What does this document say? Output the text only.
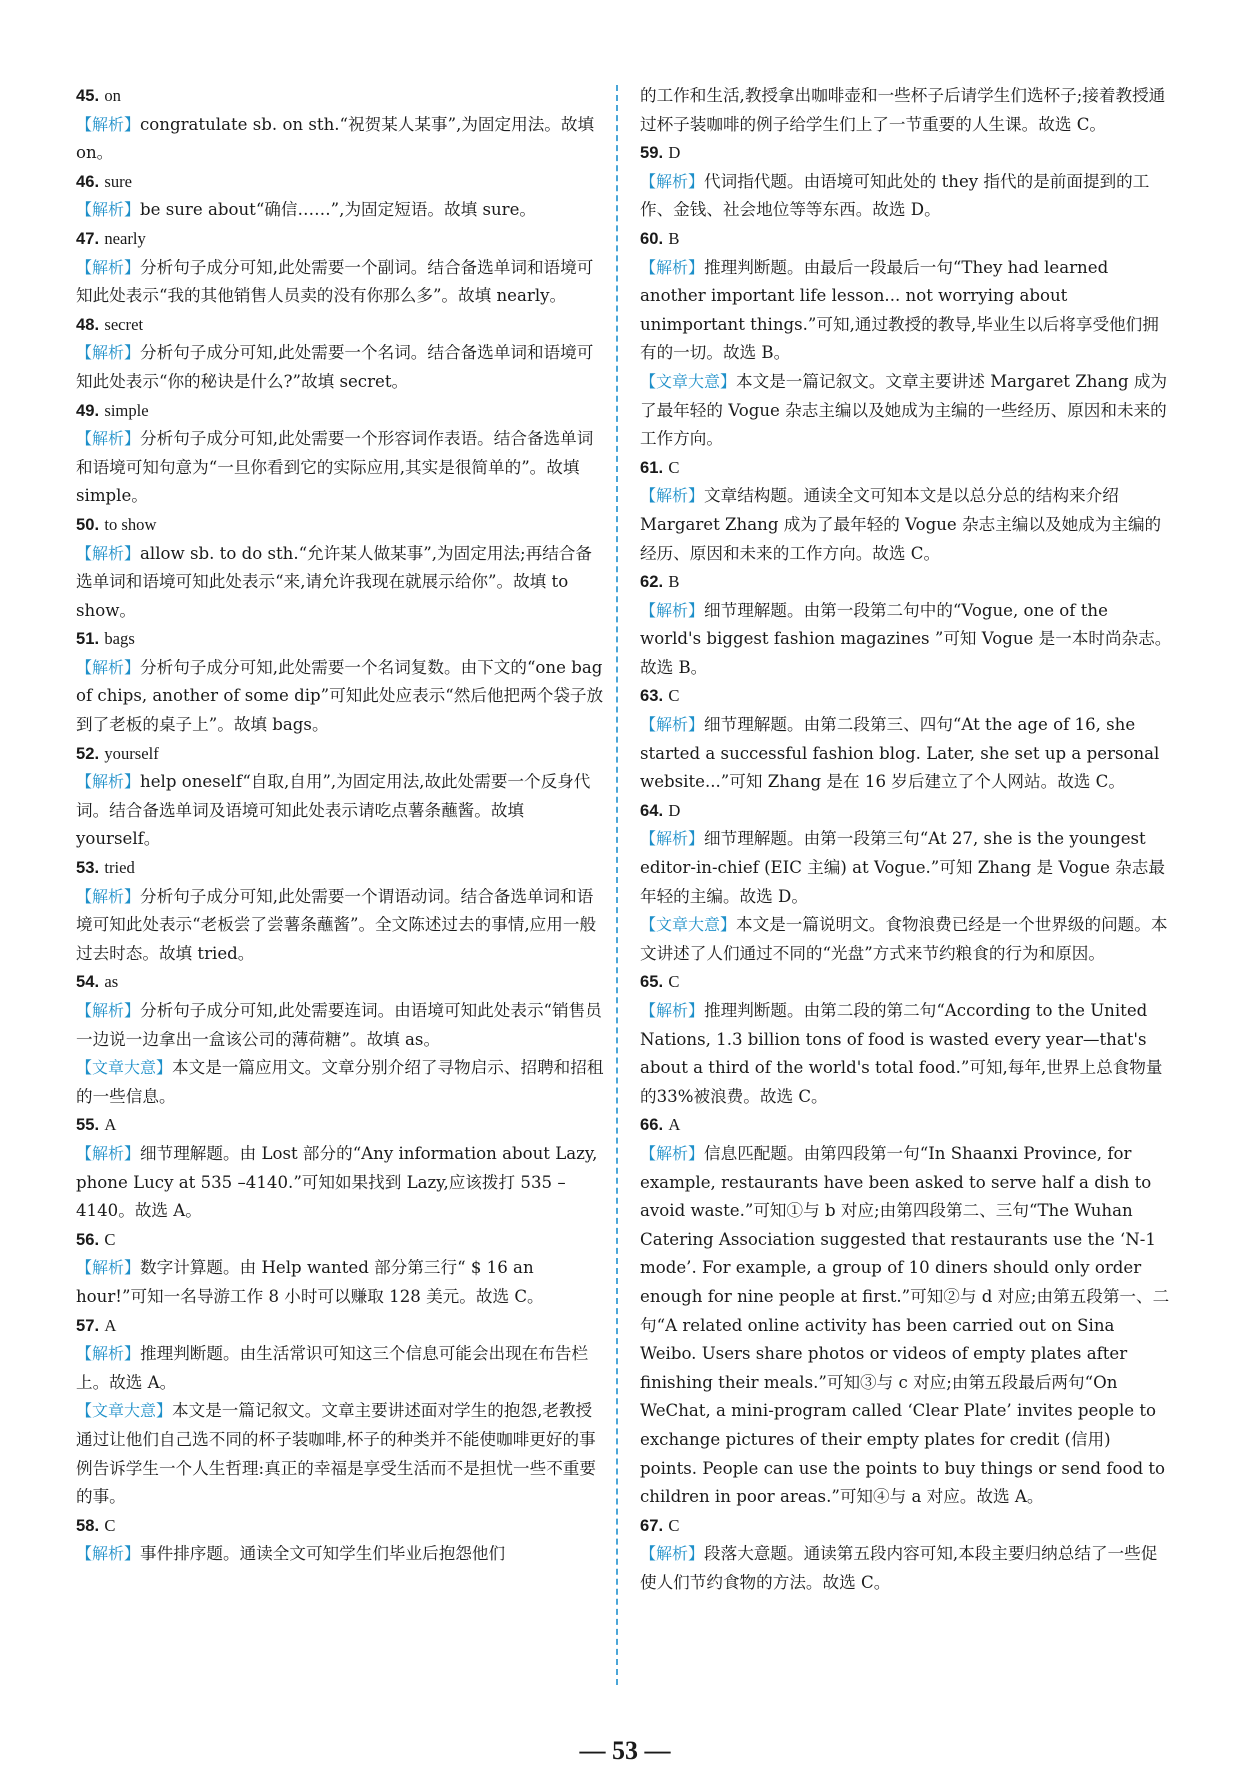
45. on
【解析】congratulate sb. on sth.“祝贺某人某事”,为固定用法。故填 on。
46. sure
【解析】be sure about“确信……”,为固定短语。故填 sure。
47. nearly
【解析】分析句子成分可知,此处需要一个副词。结合备选单词和语境可知此处表示“我的其他销售人员卖的没有你那么多”。故填 nearly。
48. secret
【解析】分析句子成分可知,此处需要一个名词。结合备选单词和语境可知此处表示“你的秘诀是什么?”故填 secret。
49. simple
【解析】分析句子成分可知,此处需要一个形容词作表语。结合备选单词和语境可知句意为“一旦你看到它的实际应用,其实是很简单的”。故填 simple。
50. to show
【解析】allow sb. to do sth.“允许某人做某事”,为固定用法;再结合备选单词和语境可知此处表示“来,请允许我现在就展示给你”。故填 to show。
51. bags
【解析】分析句子成分可知,此处需要一个名词复数。由下文的“one bag of chips, another of some dip”可知此处应表示“然后他把两个袋子放到了老板的桌子上”。故填 bags。
52. yourself
【解析】help oneself“自取,自用”,为固定用法,故此处需要一个反身代词。结合备选单词及语境可知此处表示请吃点薯条蘸酱。故填 yourself。
53. tried
【解析】分析句子成分可知,此处需要一个谓语动词。结合备选单词和语境可知此处表示“老板尝了尝薯条蘸酱”。全文陈述过去的事情,应用一般过去时态。故填 tried。
54. as
【解析】分析句子成分可知,此处需要连词。由语境可知此处表示“销售员一边说一边拿出一盒该公司的薄荷糖”。故填 as。
【文章大意】本文是一篇应用文。文章分别介绍了寻物启示、招聘和招租的一些信息。
55. A
【解析】细节理解题。由 Lost 部分的“Any information about Lazy, phone Lucy at 535 –4140.”可知如果找到 Lazy,应该拨打 535 –4140。故选 A。
56. C
【解析】数字计算题。由 Help wanted 部分第三行“ $ 16 an hour!”可知一名导游工作 8 小时可以赚取 128 美元。故选 C。
57. A
【解析】推理判断题。由生活常识可知这三个信息可能会出现在布告栏上。故选 A。
【文章大意】本文是一篇记叙文。文章主要讲述面对学生的抱怨,老教授通过让他们自己选不同的杯子装咖啡,杯子的种类并不能使咖啡更好的事例告诉学生一个人生哲理:真正的幸福是享受生活而不是担忧一些不重要的事。
58. C
【解析】事件排序题。通读全文可知学生们毕业后抱怨他们
的工作和生活,教授拿出咖啡壶和一些杯子后请学生们选杯子;接着教授通过杯子装咖啡的例子给学生们上了一节重要的人生课。故选 C。
59. D
【解析】代词指代题。由语境可知此处的 they 指代的是前面提到的工作、金钱、社会地位等等东西。故选 D。
60. B
【解析】推理判断题。由最后一段最后一句“They had learned another important life lesson... not worrying about unimportant things.”可知,通过教授的教导,毕业生以后将享受他们拥有的一切。故选 B。
【文章大意】本文是一篇记叙文。文章主要讲述 Margaret Zhang 成为了最年轻的 Vogue 杂志主编以及她成为主编的一些经历、原因和未来的工作方向。
61. C
【解析】文章结构题。通读全文可知本文是以总分总的结构来介绍 Margaret Zhang 成为了最年轻的 Vogue 杂志主编以及她成为主编的经历、原因和未来的工作方向。故选 C。
62. B
【解析】细节理解题。由第一段第二句中的“Vogue, one of the world's biggest fashion magazines ”可知 Vogue 是一本时尚杂志。故选 B。
63. C
【解析】细节理解题。由第二段第三、四句“At the age of 16, she started a successful fashion blog. Later, she set up a personal website...”可知 Zhang 是在 16 岁后建立了个人网站。故选 C。
64. D
【解析】细节理解题。由第一段第三句“At 27, she is the youngest editor-in-chief (EIC 主编) at Vogue.”可知 Zhang 是 Vogue 杂志最年轻的主编。故选 D。
【文章大意】本文是一篇说明文。食物浪费已经是一个世界级的问题。本文讲述了人们通过不同的“光盘”方式来节约粮食的行为和原因。
65. C
【解析】推理判断题。由第二段的第二句“According to the United Nations, 1.3 billion tons of food is wasted every year—that's about a third of the world's total food.”可知,每年,世界上总食物量的33%被浪费。故选 C。
66. A
【解析】信息匹配题。由第四段第一句“In Shaanxi Province, for example, restaurants have been asked to serve half a dish to avoid waste.”可知①与 b 对应;由第四段第二、三句“The Wuhan Catering Association suggested that restaurants use the ‘N-1 mode’. For example, a group of 10 diners should only order enough for nine people at first.”可知②与 d 对应;由第五段第一、二句“A related online activity has been carried out on Sina Weibo. Users share photos or videos of empty plates after finishing their meals.”可知③与 c 对应;由第五段最后两句“On WeChat, a mini-program called ‘Clear Plate’ invites people to exchange pictures of their empty plates for credit (信用) points. People can use the points to buy things or send food to children in poor areas.”可知④与 a 对应。故选 A。
67. C
【解析】段落大意题。通读第五段内容可知,本段主要归纳总结了一些促使人们节约食物的方法。故选 C。
— 53 —
